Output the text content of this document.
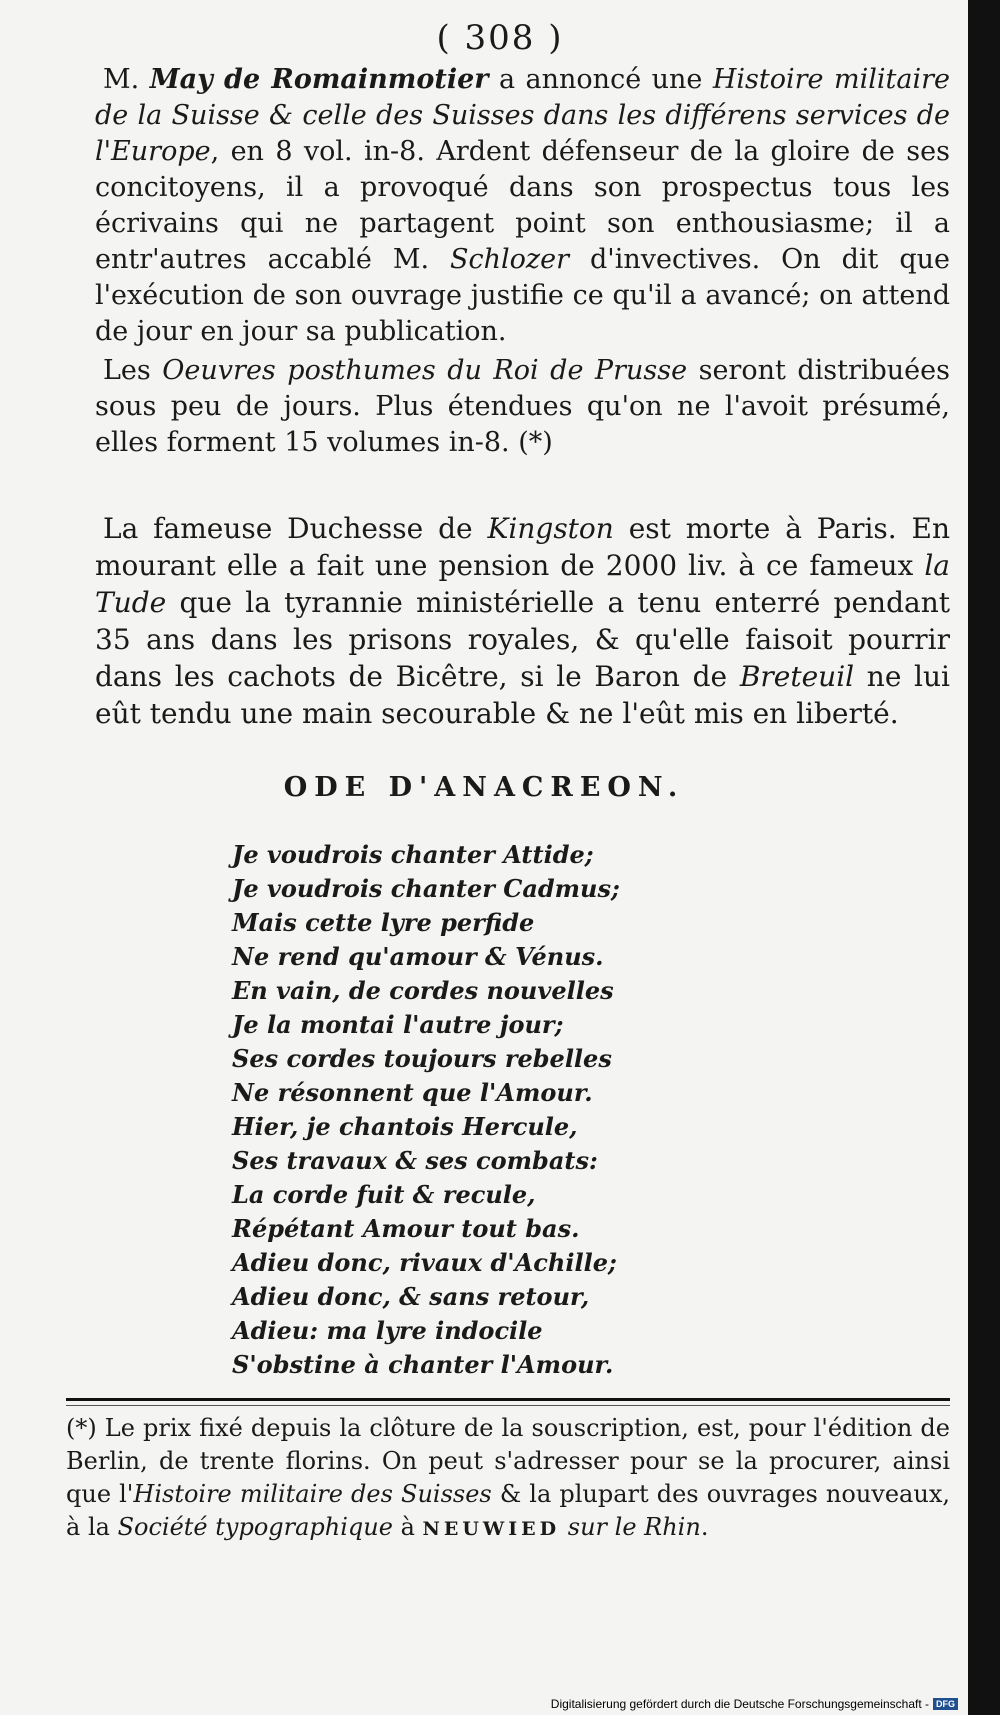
( 308 )

M. May de Romainmotier a annoncé une Histoire militaire de la Suisse & celle des Suisses dans les différens services de l'Europe, en 8 vol. in-8. Ardent défenseur de la gloire de ses concitoyens, il a provoqué dans son prospectus tous les écrivains qui ne partagent point son enthousiasme; il a entr'autres accablé M. Schlozer d'invectives. On dit que l'exécution de son ouvrage justifie ce qu'il a avancé; on attend de jour en jour sa publication.

Les Oeuvres posthumes du Roi de Prusse seront distribuées sous peu de jours. Plus étendues qu'on ne l'avoit présumé, elles forment 15 volumes in-8. (*)

La fameuse Duchesse de Kingston est morte à Paris. En mourant elle a fait une pension de 2000 liv. à ce fameux la Tude que la tyrannie ministérielle a tenu enterré pendant 35 ans dans les prisons royales, & qu'elle faisoit pourrir dans les cachots de Bicêtre, si le Baron de Breteuil ne lui eût tendu une main secourable & ne l'eût mis en liberté.

ODE D'ANACREON.
Je voudrois chanter Attide;
Je voudrois chanter Cadmus;
Mais cette lyre perfide
Ne rend qu'amour & Vénus.
En vain, de cordes nouvelles
Je la montai l'autre jour;
Ses cordes toujours rebelles
Ne résonnent que l'Amour.
Hier, je chantois Hercule,
Ses travaux & ses combats:
La corde fuit & recule,
Répétant Amour tout bas.
Adieu donc, rivaux d'Achille;
Adieu donc, & sans retour,
Adieu: ma lyre indocile
S'obstine à chanter l'Amour.
(*) Le prix fixé depuis la clôture de la souscription, est, pour l'édition de Berlin, de trente florins. On peut s'adresser pour se la procurer, ainsi que l'Histoire militaire des Suisses & la plupart des ouvrages nouveaux, à la Société typographique à NEUWIED sur le Rhin.
Digitalisierung gefördert durch die Deutsche Forschungsgemeinschaft - DFG
